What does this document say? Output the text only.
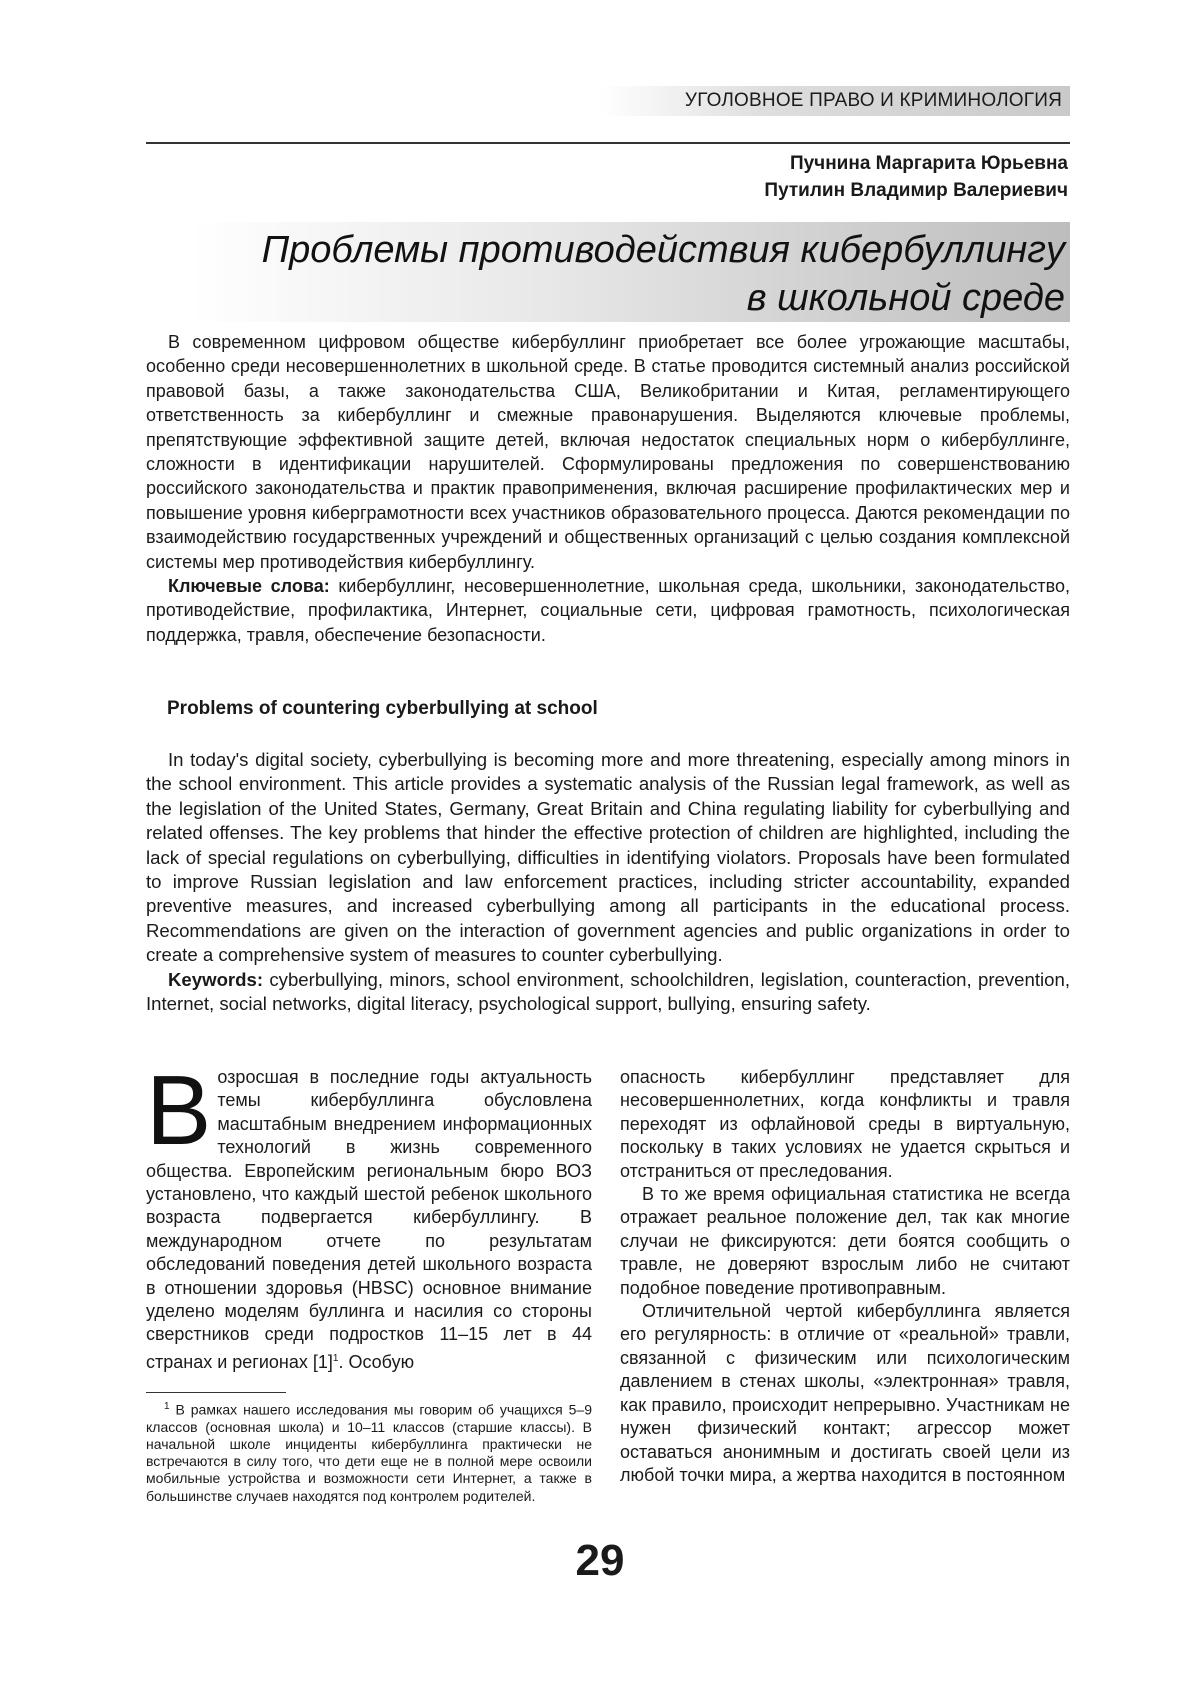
УГОЛОВНОЕ ПРАВО И КРИМИНОЛОГИЯ
Пучнина Маргарита Юрьевна
Путилин Владимир Валериевич
Проблемы противодействия кибербуллингу
в школьной среде

В современном цифровом обществе кибербуллинг приобретает все более угрожающие масштабы, особенно среди несовершеннолетних в школьной среде. В статье проводится системный анализ российской правовой базы, а также законодательства США, Великобритании и Китая, регламентирующего ответственность за кибербуллинг и смежные правонарушения. Выделяются ключевые проблемы, препятствующие эффективной защите детей, включая недостаток специальных норм о кибербуллинге, сложности в идентификации нарушителей. Сформулированы предложения по совершенствованию российского законодательства и практик правоприменения, включая расширение профилактических мер и повышение уровня киберграмотности всех участников образовательного процесса. Даются рекомендации по взаимодействию государственных учреждений и общественных организаций с целью создания комплексной системы мер противодействия кибербуллингу.

Ключевые слова: кибербуллинг, несовершеннолетние, школьная среда, школьники, законодательство, противодействие, профилактика, Интернет, социальные сети, цифровая грамотность, психологическая поддержка, травля, обеспечение безопасности.

Problems of countering cyberbullying at school

In today's digital society, cyberbullying is becoming more and more threatening, especially among minors in the school environment. This article provides a systematic analysis of the Russian legal framework, as well as the legislation of the United States, Germany, Great Britain and China regulating liability for cyberbullying and related offenses. The key problems that hinder the effective protection of children are highlighted, including the lack of special regulations on cyberbullying, difficulties in identifying violators. Proposals have been formulated to improve Russian legislation and law enforcement practices, including stricter accountability, expanded preventive measures, and increased cyberbullying among all participants in the educational process. Recommendations are given on the interaction of government agencies and public organizations in order to create a comprehensive system of measures to counter cyberbullying.

Keywords: cyberbullying, minors, school environment, schoolchildren, legislation, counteraction, prevention, Internet, social networks, digital literacy, psychological support, bullying, ensuring safety.

Возросшая в последние годы актуальность темы кибербуллинга обусловлена масштабным внедрением информационных технологий в жизнь современного общества. Европейским региональным бюро ВОЗ установлено, что каждый шестой ребенок школьного возраста подвергается кибербуллингу. В международном отчете по результатам обследований поведения детей школьного возраста в отношении здоровья (HBSC) основное внимание уделено моделям буллинга и насилия со стороны сверстников среди подростков 11–15 лет в 44 странах и регионах $[1]^1$. Особую

опасность кибербуллинг представляет для несовершеннолетних, когда конфликты и травля переходят из офлайновой среды в виртуальную, поскольку в таких условиях не удается скрыться и отстраниться от преследования.

В то же время официальная статистика не всегда отражает реальное положение дел, так как многие случаи не фиксируются: дети боятся сообщить о травле, не доверяют взрослым либо не считают подобное поведение противоправным.

Отличительной чертой кибербуллинга является его регулярность: в отличие от «реальной» травли, связанной с физическим или психологическим давлением в стенах школы, «электронная» травля, как правило, происходит непрерывно. Участникам не нужен физический контакт; агрессор может оставаться анонимным и достигать своей цели из любой точки мира, а жертва находится в постоянном

$^1$ В рамках нашего исследования мы говорим об учащихся 5–9 классов (основная школа) и 10–11 классов (старшие классы). В начальной школе инциденты кибербуллинга практически не встречаются в силу того, что дети еще не в полной мере освоили мобильные устройства и возможности сети Интернет, а также в большинстве случаев находятся под контролем родителей.

29
